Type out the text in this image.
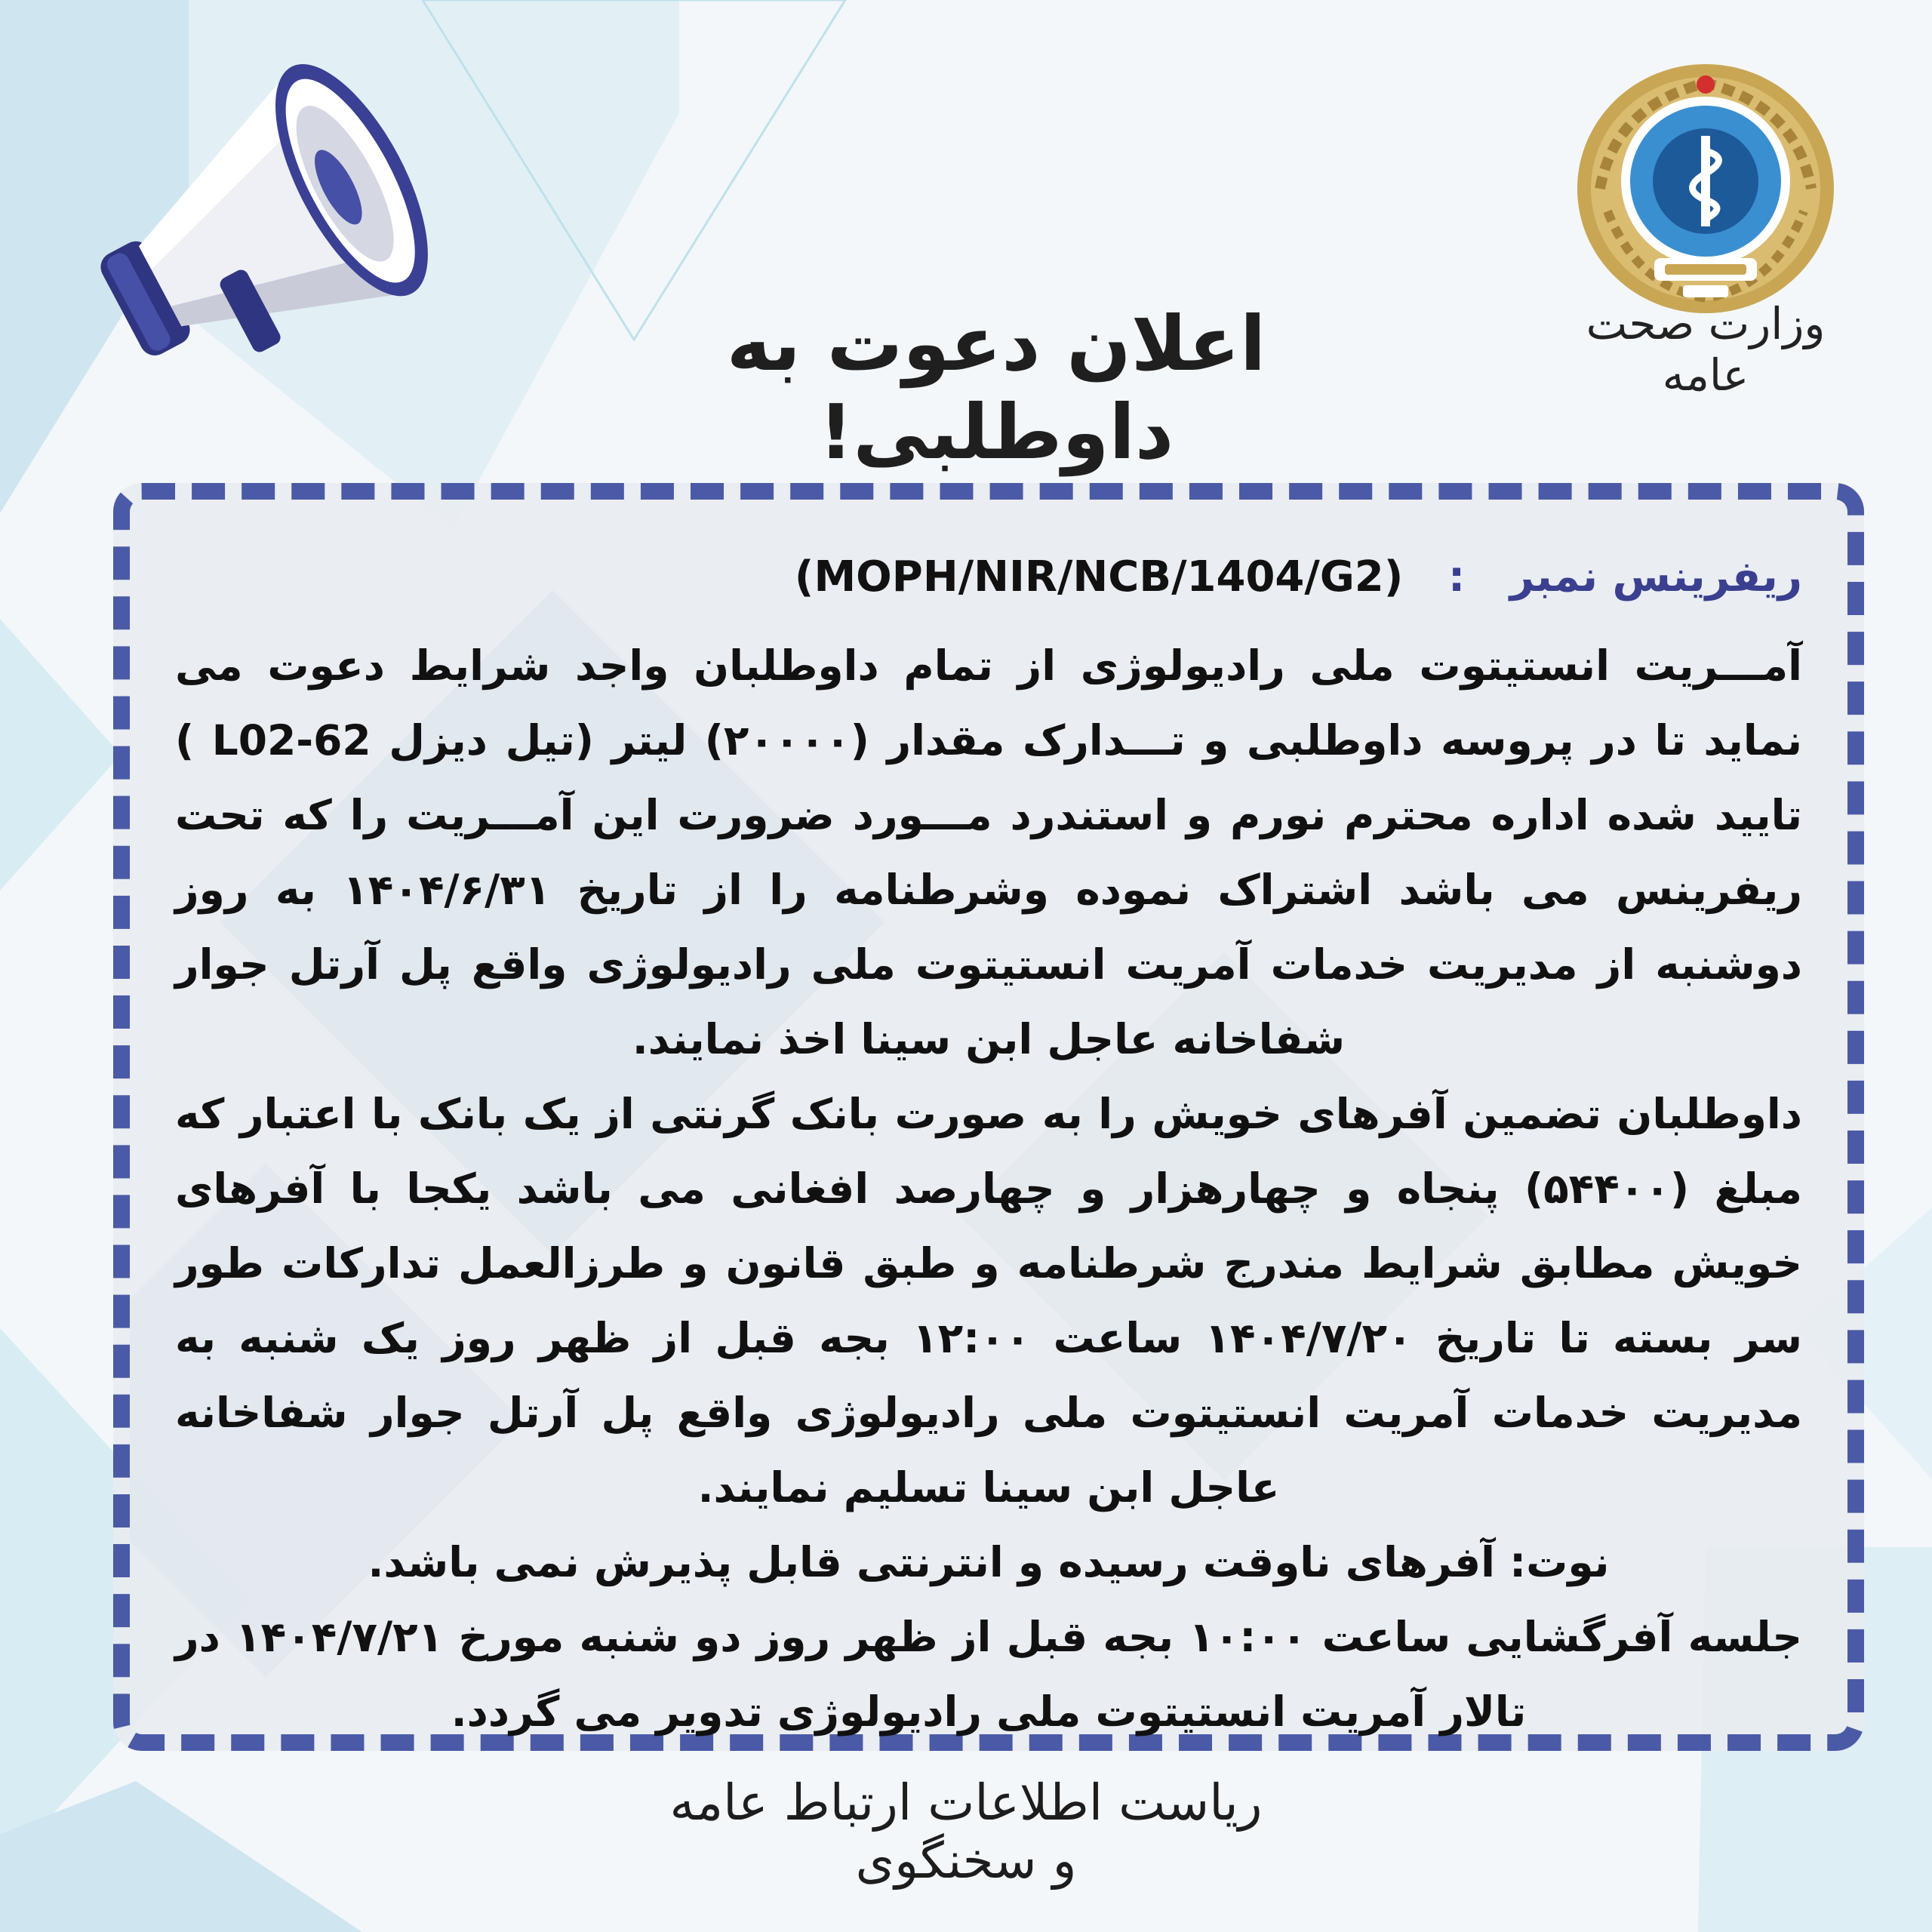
وزارت صحت عامه
اعلان دعوت به داوطلبی!
ریفرینس نمبر : (MOPH/NIR/NCB/1404/G2)

آمـــریت انستیتوت ملی رادیولوژی از تمام داوطلبان واجد شرایط دعوت می نماید تا در پروسه داوطلبی و تـــدارک مقدار (۲۰۰۰۰) لیتر (تیل دیزل L02-62 ) تایید شده اداره محترم نورم و استندرد مـــورد ضرورت این آمـــریت را که تحت ریفرینس می باشد اشتراک نموده وشرطنامه را از تاریخ ۱۴۰۴/۶/۳۱ به روز دوشنبه از مدیریت خدمات آمریت انستیتوت ملی رادیولوژی واقع پل آرتل جوار شفاخانه عاجل ابن سینا اخذ نمایند.

داوطلبان تضمین آفرهای خویش را به صورت بانک گرنتی از یک بانک با اعتبار که مبلغ (۵۴۴۰۰) پنجاه و چهارهزار و چهارصد افغانی می باشد یکجا با آفرهای خویش مطابق شرایط مندرج شرطنامه و طبق قانون و طرزالعمل تدارکات طور سر بسته تا تاریخ ۱۴۰۴/۷/۲۰ ساعت ۱۲:۰۰ بجه قبل از ظهر روز یک شنبه به مدیریت خدمات آمریت انستیتوت ملی رادیولوژی واقع پل آرتل جوار شفاخانه عاجل ابن سینا تسلیم نمایند.

نوت: آفرهای ناوقت رسیده و انترنتی قابل پذیرش نمی باشد.

جلسه آفرگشایی ساعت ۱۰:۰۰ بجه قبل از ظهر روز دو شنبه مورخ ۱۴۰۴/۷/۲۱ در تالار آمریت انستیتوت ملی رادیولوژی تدویر می گردد.

ریاست اطلاعات ارتباط عامه و سخنگوی
